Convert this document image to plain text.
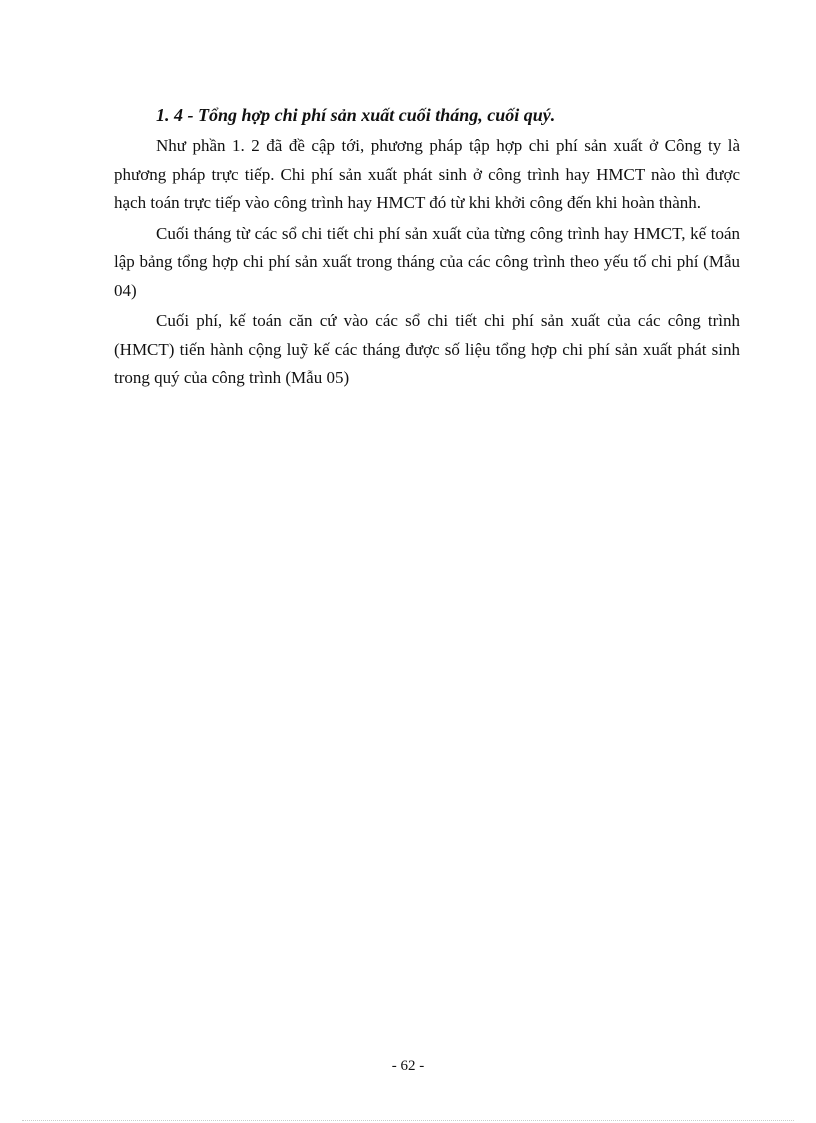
1. 4 - Tổng hợp chi phí sản xuất cuối tháng, cuối quý.

Như phần 1. 2 đã đề cập tới, phương pháp tập hợp chi phí sản xuất ở Công ty là phương pháp trực tiếp. Chi phí sản xuất phát sinh ở công trình hay HMCT nào thì được hạch toán trực tiếp vào công trình hay HMCT đó từ khi khởi công đến khi hoàn thành.

Cuối tháng từ các sổ chi tiết chi phí sản xuất của từng công trình hay HMCT, kế toán lập bảng tổng hợp chi phí sản xuất trong tháng của các công trình theo yếu tố chi phí (Mẫu 04)

Cuối phí, kế toán căn cứ vào các sổ chi tiết chi phí sản xuất của các công trình (HMCT) tiến hành cộng luỹ kế các tháng được số liệu tổng hợp chi phí sản xuất phát sinh trong quý của công trình (Mẫu 05)

- 62 -
